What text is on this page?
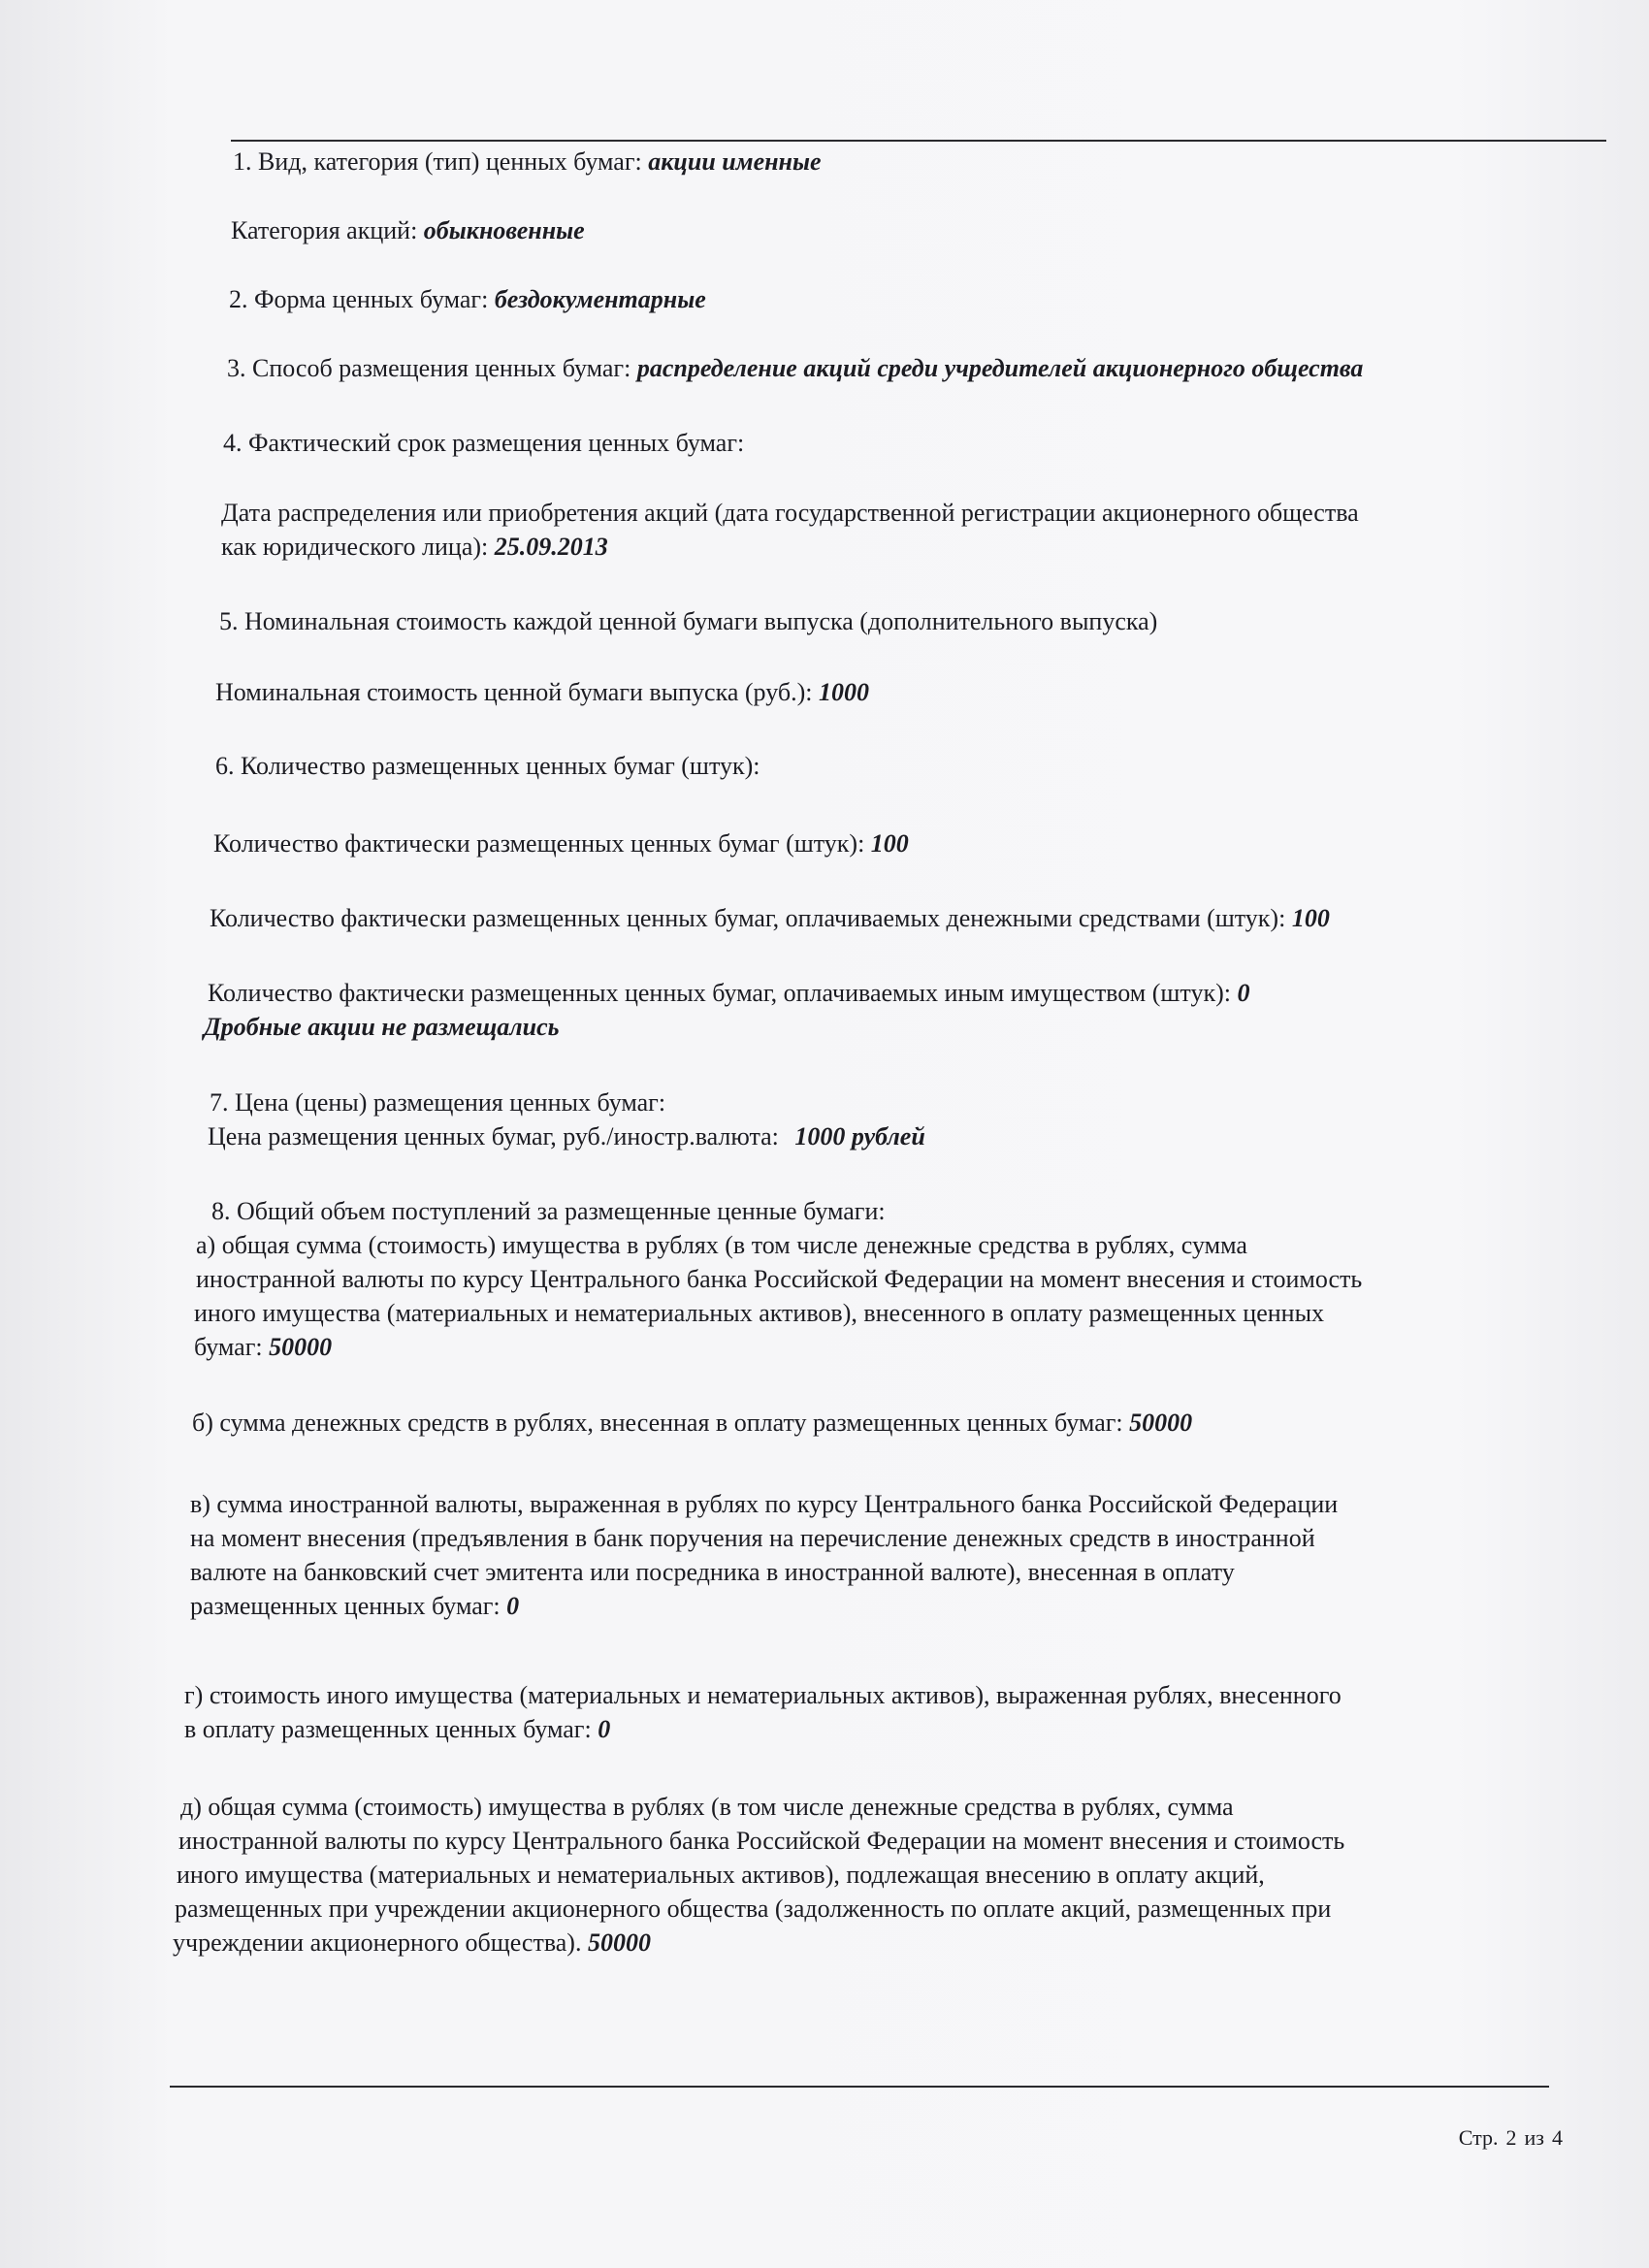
1. Вид, категория (тип) ценных бумаг: акции именные
Категория акций: обыкновенные
2. Форма ценных бумаг: бездокументарные
3. Способ размещения ценных бумаг: распределение акций среди учредителей акционерного общества
4. Фактический срок размещения ценных бумаг:
Дата распределения или приобретения акций (дата государственной регистрации акционерного общества
как юридического лица): 25.09.2013
5. Номинальная стоимость каждой ценной бумаги выпуска (дополнительного выпуска)
Номинальная стоимость ценной бумаги выпуска (руб.): 1000
6. Количество размещенных ценных бумаг (штук):
Количество фактически размещенных ценных бумаг (штук): 100
Количество фактически размещенных ценных бумаг, оплачиваемых денежными средствами (штук): 100
Количество фактически размещенных ценных бумаг, оплачиваемых иным имуществом (штук): 0
Дробные акции не размещались
7. Цена (цены) размещения ценных бумаг:
Цена размещения ценных бумаг, руб./иностр.валюта: 1000 рублей
8. Общий объем поступлений за размещенные ценные бумаги:
а) общая сумма (стоимость) имущества в рублях (в том числе денежные средства в рублях, сумма
иностранной валюты по курсу Центрального банка Российской Федерации на момент внесения и стоимость
иного имущества (материальных и нематериальных активов), внесенного в оплату размещенных ценных
бумаг: 50000
б) сумма денежных средств в рублях, внесенная в оплату размещенных ценных бумаг: 50000
в) сумма иностранной валюты, выраженная в рублях по курсу Центрального банка Российской Федерации
на момент внесения (предъявления в банк поручения на перечисление денежных средств в иностранной
валюте на банковский счет эмитента или посредника в иностранной валюте), внесенная в оплату
размещенных ценных бумаг: 0
г) стоимость иного имущества (материальных и нематериальных активов), выраженная рублях, внесенного
в оплату размещенных ценных бумаг: 0
д) общая сумма (стоимость) имущества в рублях (в том числе денежные средства в рублях, сумма
иностранной валюты по курсу Центрального банка Российской Федерации на момент внесения и стоимость
иного имущества (материальных и нематериальных активов), подлежащая внесению в оплату акций,
размещенных при учреждении акционерного общества (задолженность по оплате акций, размещенных при
учреждении акционерного общества). 50000
Стр. 2 из 4
